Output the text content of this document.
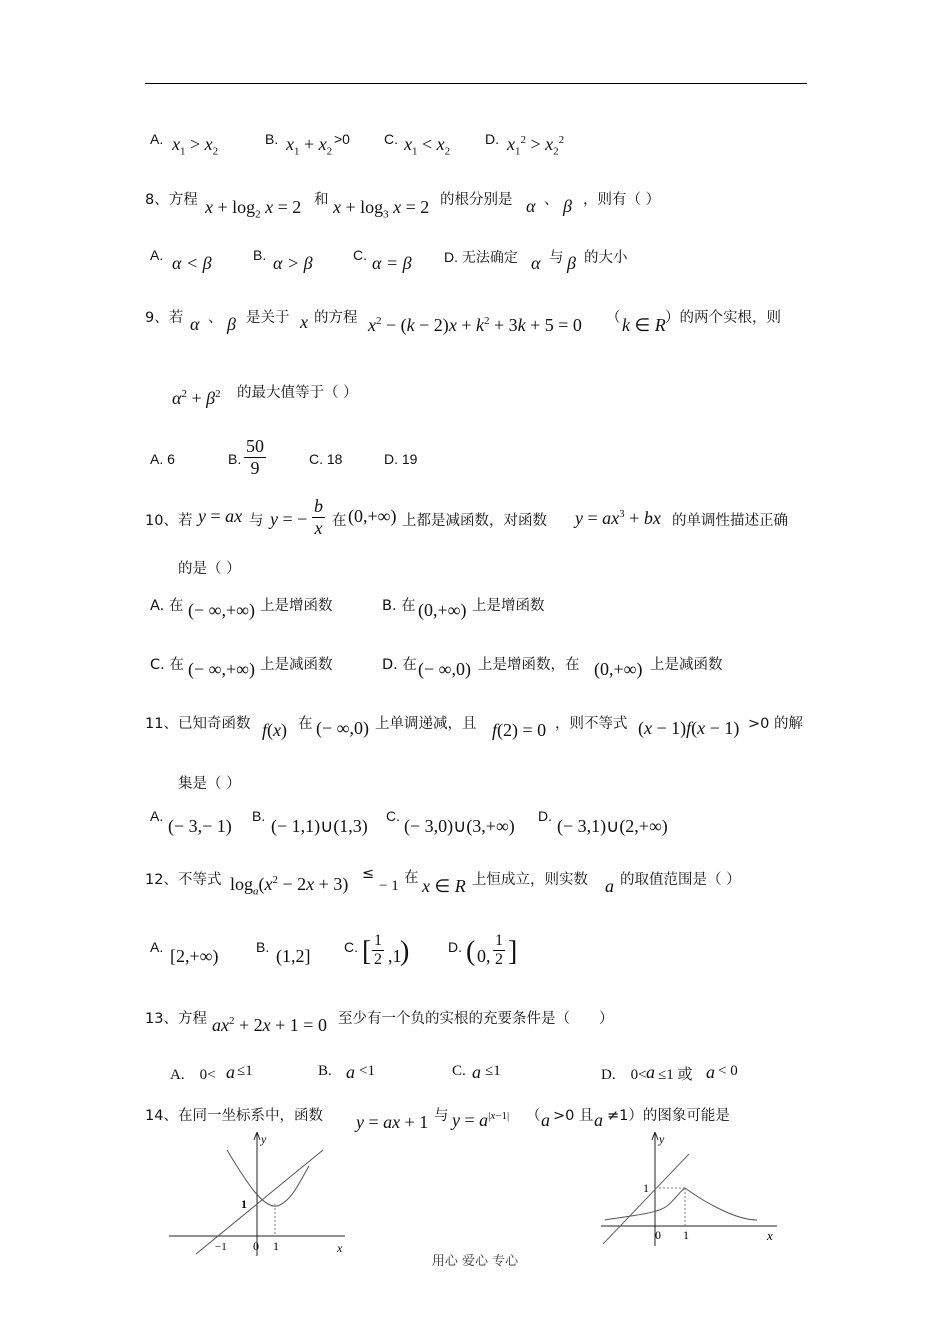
A. $x_1 > x_2$
B. $x_1 + x_2$
>0 C. $x_1 < x_2$
D. $x_1^2 > x_2^2$
8、方程 $x + \log_2 x = 2$ 和 $x + \log_3 x = 2$ 的根分别是 α 、 β ，则有（ ）
A. α < β	B. α > β	C. α = β D. 无法确定 α 与 β 的大小
9、若 α 、 β 是关于 x 的方程 $x^2 - (k - 2)x + k^2 + 3k + 5 = 0$ （ k ∈ R ）的两个实根，则
$\alpha^2 + \beta^2$ 的最大值等于（ ）
A. 6	B. $\frac{50}{9}$	C. 18	D. 19
10、若 y = ax 与 y = − $\frac{b}{x}$ 在 (0,+∞) 上都是减函数，对函数 $y = ax^3$ + bx 的单调性描述正确
的是（ ）
A. 在 (− ∞,+∞) 上是增函数	B. 在 (0,+∞) 上是增函数
C. 在 (− ∞,+∞) 上是减函数	D. 在 (− ∞,0) 上是增函数，在 (0,+∞) 上是减函数
11、已知奇函数 f(x) 在 (− ∞,0) 上单调递减，且 f(2) = 0 ，则不等式 (x − 1)f(x − 1) >0 的解
集是（ ）
A. (− 3,− 1) B. (− 1,1)∪(1,3) C. (− 3,0)∪(3,+∞) D. (− 3,1)∪(2,+∞)
12、不等式 $\log_a(x^2 - 2x + 3)$ ≤
− 1 在 x ∈ R 上恒成立，则实数 a 的取值范围是（ ）
A. [2,+∞)	B. (1,2] C. [ $\frac{1}{2} ,1$
)	D. ( 0, $\frac{1}{2}$ ]
13、方程 $ax^2 + 2x + 1 = 0$ 至少有一个负的实根的充要条件是（　　）
A.　0< a ≤1	B. a <1	C. a ≤1	D.　0< a ≤1 或 a < 0
14、在同一坐标系中，函数 y = ax + 1 与 $y = a^{|x-1|}$ （ a >0 且 a ≠1）的图象可能是
y
x
1
−1 0 1
y
x
1
0 1
用心 爱心 专心
